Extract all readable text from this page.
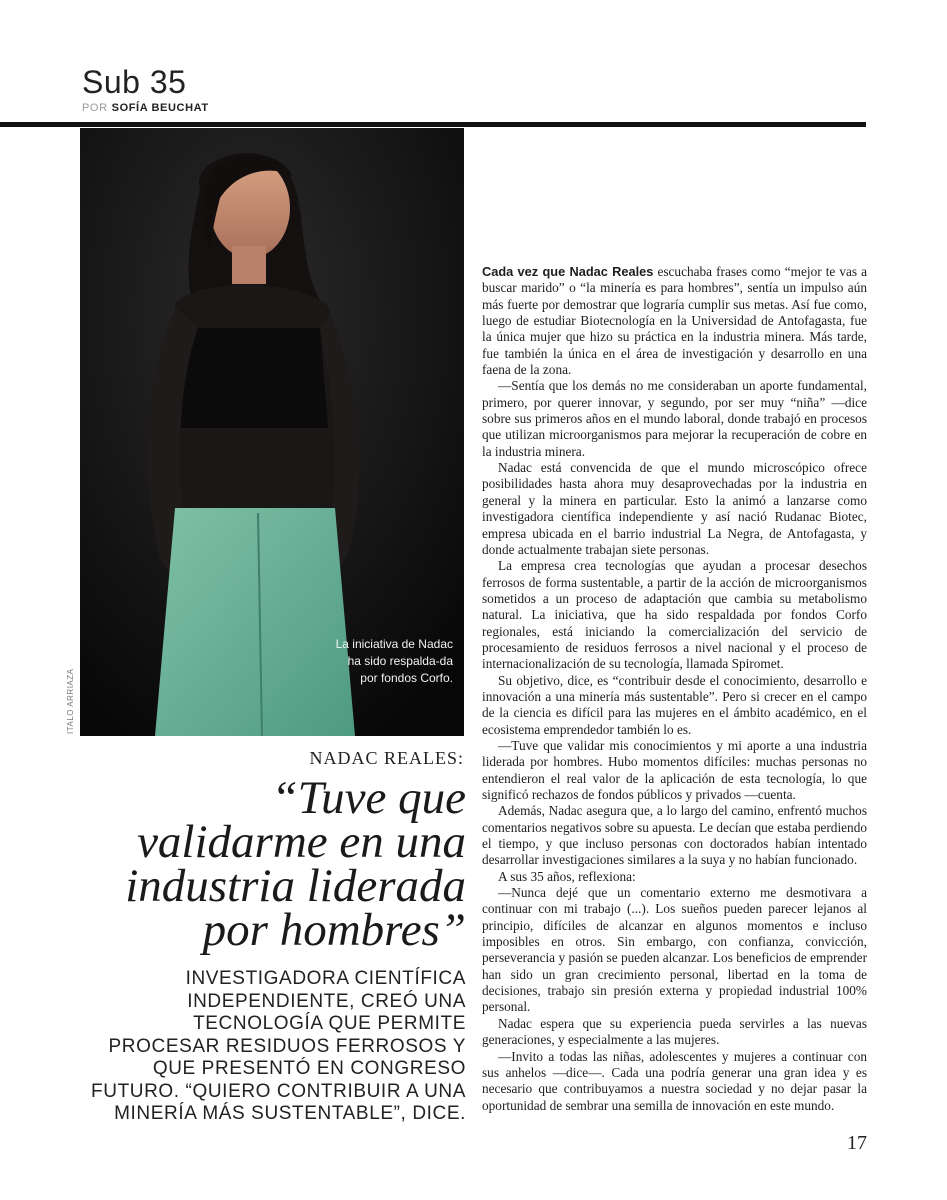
Sub 35
POR SOFÍA BEUCHAT
La iniciativa de Nadac ha sido respalda-da por fondos Corfo.
ITALO ARRIAZA
NADAC REALES:
“Tuve que validarme en una industria liderada por hombres”
INVESTIGADORA CIENTÍFICA INDEPENDIENTE, CREÓ UNA TECNOLOGÍA QUE PERMITE PROCESAR RESIDUOS FERROSOS Y QUE PRESENTÓ EN CONGRESO FUTURO. “QUIERO CONTRIBUIR A UNA MINERÍA MÁS SUSTENTABLE”, DICE.

Cada vez que Nadac Reales escuchaba frases como “mejor te vas a buscar marido” o “la minería es para hombres”, sentía un impulso aún más fuerte por demostrar que lograría cumplir sus metas. Así fue como, luego de estudiar Biotecnología en la Universidad de Antofagasta, fue la única mujer que hizo su práctica en la industria minera. Más tarde, fue también la única en el área de investigación y desarrollo en una faena de la zona.

—Sentía que los demás no me consideraban un aporte fundamental, primero, por querer innovar, y segundo, por ser muy “niña” —dice sobre sus primeros años en el mundo laboral, donde trabajó en procesos que utilizan microorganismos para mejorar la recuperación de cobre en la industria minera.

Nadac está convencida de que el mundo microscópico ofrece posibilidades hasta ahora muy desaprovechadas por la industria en general y la minera en particular. Esto la animó a lanzarse como investigadora científica independiente y así nació Rudanac Biotec, empresa ubicada en el barrio industrial La Negra, de Antofagasta, y donde actualmente trabajan siete personas.

La empresa crea tecnologías que ayudan a procesar desechos ferrosos de forma sustentable, a partir de la acción de microorganismos sometidos a un proceso de adaptación que cambia su metabolismo natural. La iniciativa, que ha sido respaldada por fondos Corfo regionales, está iniciando la comercialización del servicio de procesamiento de residuos ferrosos a nivel nacional y el proceso de internacionalización de su tecnología, llamada Spiromet.

Su objetivo, dice, es “contribuir desde el conocimiento, desarrollo e innovación a una minería más sustentable”. Pero si crecer en el campo de la ciencia es difícil para las mujeres en el ámbito académico, en el ecosistema emprendedor también lo es.

—Tuve que validar mis conocimientos y mi aporte a una industria liderada por hombres. Hubo momentos difíciles: muchas personas no entendieron el real valor de la aplicación de esta tecnología, lo que significó rechazos de fondos públicos y privados —cuenta.

Además, Nadac asegura que, a lo largo del camino, enfrentó muchos comentarios negativos sobre su apuesta. Le decían que estaba perdiendo el tiempo, y que incluso personas con doctorados habían intentado desarrollar investigaciones similares a la suya y no habían funcionado.

A sus 35 años, reflexiona:

—Nunca dejé que un comentario externo me desmotivara a continuar con mi trabajo (...). Los sueños pueden parecer lejanos al principio, difíciles de alcanzar en algunos momentos e incluso imposibles en otros. Sin embargo, con confianza, convicción, perseverancia y pasión se pueden alcanzar. Los beneficios de emprender han sido un gran crecimiento personal, libertad en la toma de decisiones, trabajo sin presión externa y propiedad industrial 100% personal.

Nadac espera que su experiencia pueda servirles a las nuevas generaciones, y especialmente a las mujeres.

—Invito a todas las niñas, adolescentes y mujeres a continuar con sus anhelos —dice—. Cada una podría generar una gran idea y es necesario que contribuyamos a nuestra sociedad y no dejar pasar la oportunidad de sembrar una semilla de innovación en este mundo.

17
